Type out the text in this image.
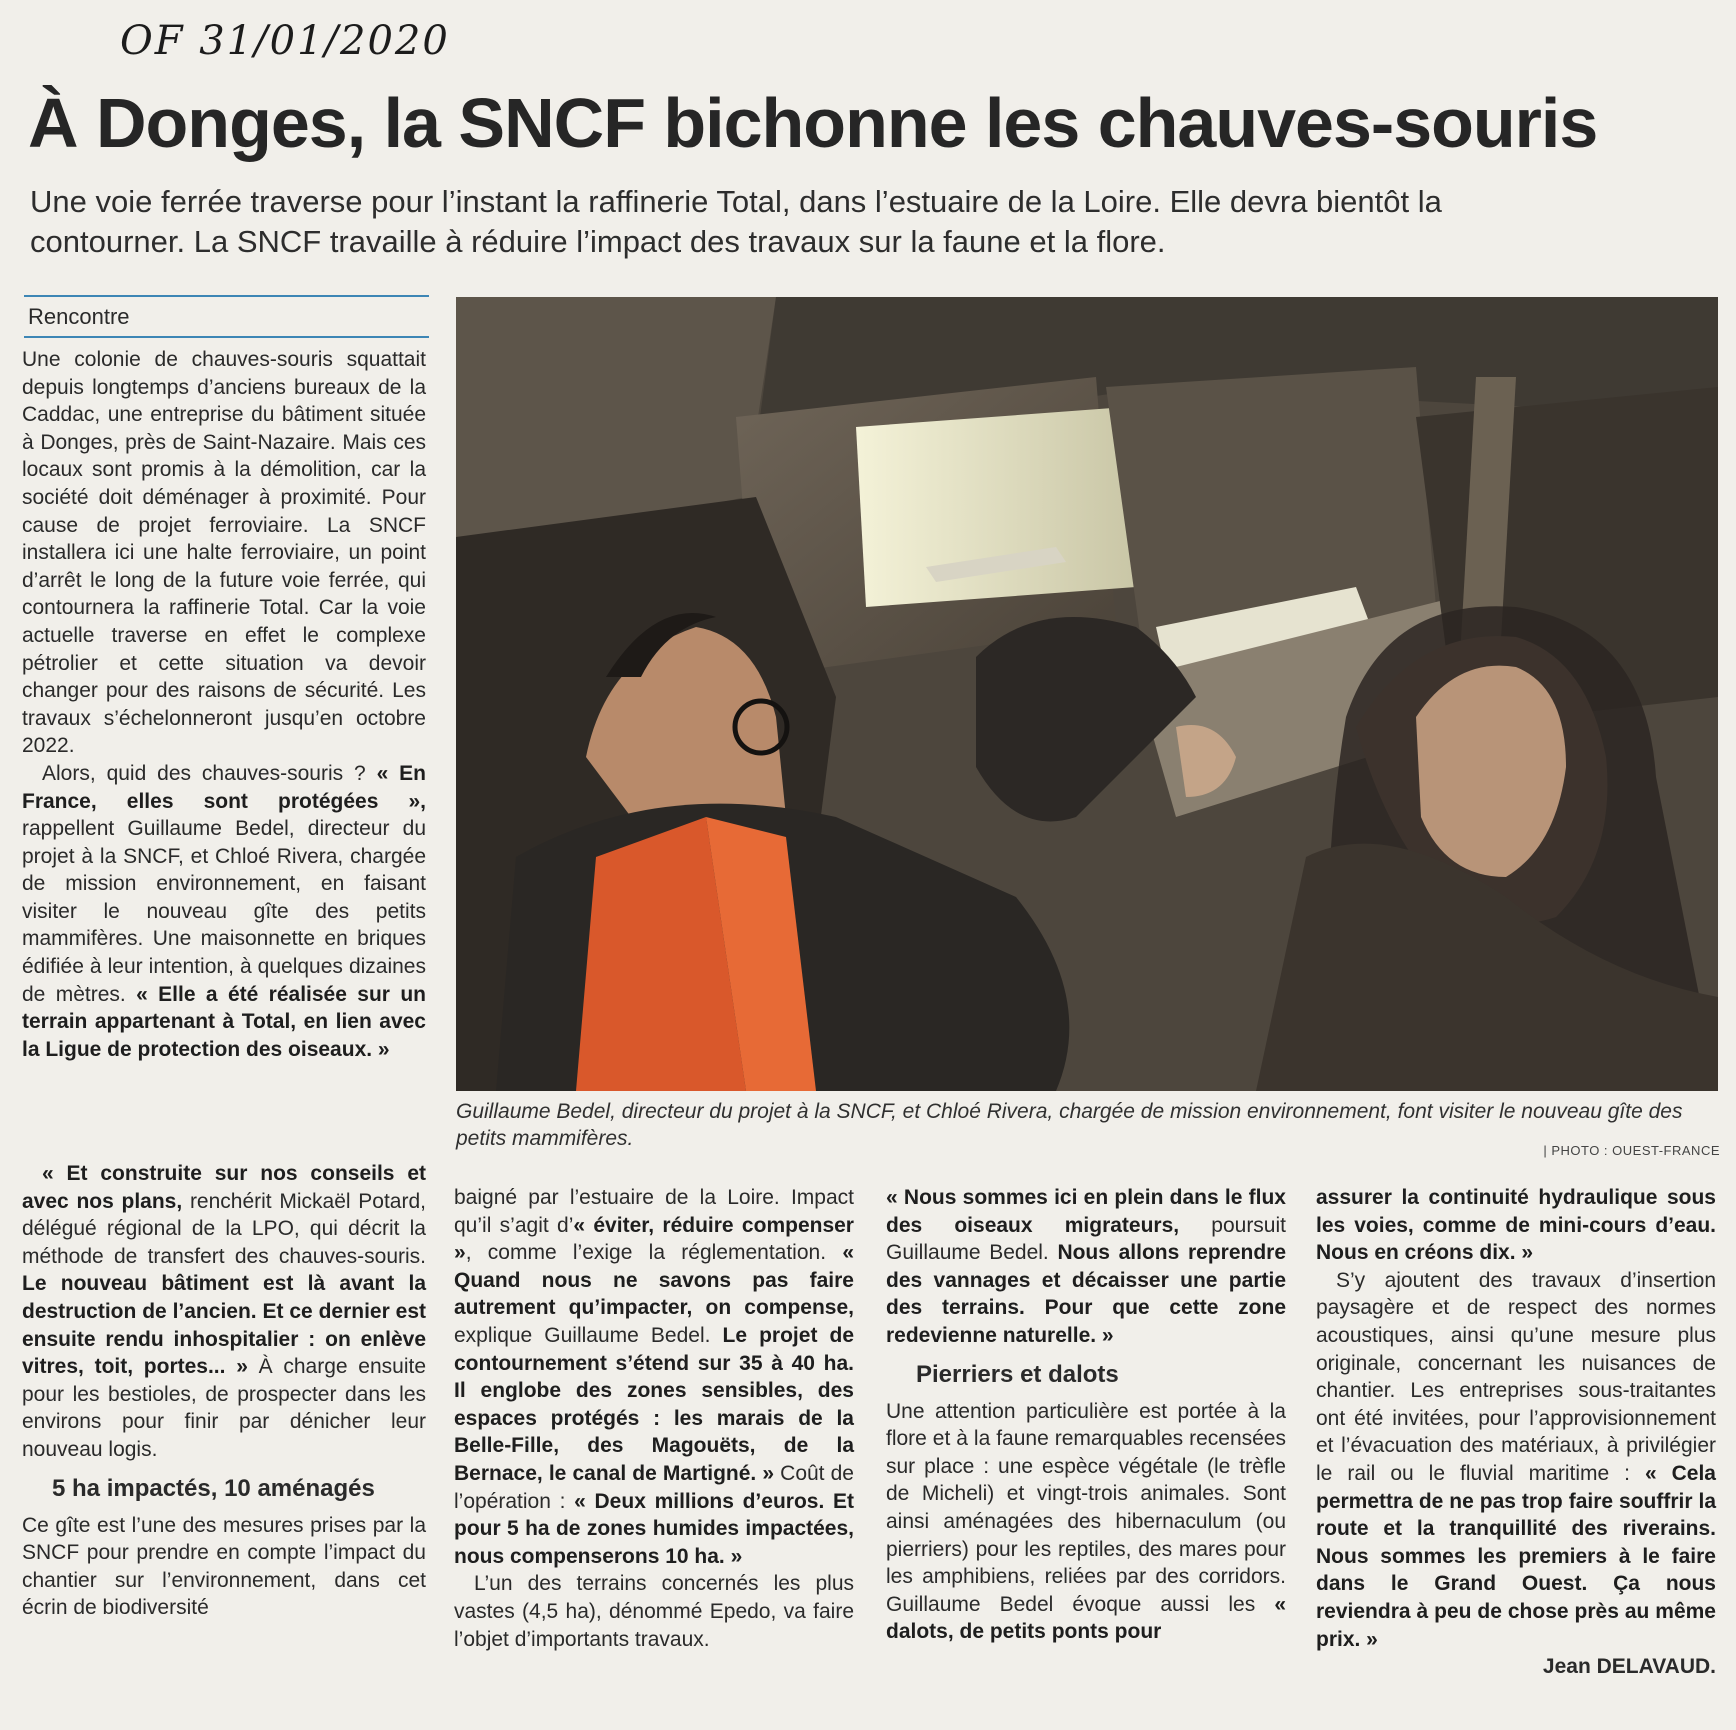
OF 31/01/2020
À Donges, la SNCF bichonne les chauves-souris
Une voie ferrée traverse pour l’instant la raffinerie Total, dans l’estuaire de la Loire. Elle devra bientôt la contourner. La SNCF travaille à réduire l’impact des travaux sur la faune et la flore.
Rencontre

Une colonie de chauves-souris squattait depuis longtemps d’anciens bureaux de la Caddac, une entreprise du bâtiment située à Donges, près de Saint-Nazaire. Mais ces locaux sont promis à la démolition, car la société doit déménager à proximité. Pour cause de projet ferroviaire. La SNCF installera ici une halte ferroviaire, un point d’arrêt le long de la future voie ferrée, qui contournera la raffinerie Total. Car la voie actuelle traverse en effet le complexe pétrolier et cette situation va devoir changer pour des raisons de sécurité. Les travaux s’échelonneront jusqu’en octobre 2022.

Alors, quid des chauves-souris ? « En France, elles sont protégées », rappellent Guillaume Bedel, directeur du projet à la SNCF, et Chloé Rivera, chargée de mission environnement, en faisant visiter le nouveau gîte des petits mammifères. Une maisonnette en briques édifiée à leur intention, à quelques dizaines de mètres. « Elle a été réalisée sur un terrain appartenant à Total, en lien avec la Ligue de protection des oiseaux. »

« Et construite sur nos conseils et avec nos plans, renchérit Mickaël Potard, délégué régional de la LPO, qui décrit la méthode de transfert des chauves-souris. Le nouveau bâtiment est là avant la destruction de l’ancien. Et ce dernier est ensuite rendu inhospitalier : on enlève vitres, toit, portes... » À charge ensuite pour les bestioles, de prospecter dans les environs pour finir par dénicher leur nouveau logis.

5 ha impactés, 10 aménagés

Ce gîte est l’une des mesures prises par la SNCF pour prendre en compte l’impact du chantier sur l’environnement, dans cet écrin de biodiversité

Guillaume Bedel, directeur du projet à la SNCF, et Chloé Rivera, chargée de mission environnement, font visiter le nouveau gîte des petits mammifères.
| PHOTO : OUEST-FRANCE

baigné par l’estuaire de la Loire. Impact qu’il s’agit d’« éviter, réduire compenser », comme l’exige la réglementation. « Quand nous ne savons pas faire autrement qu’impacter, on compense, explique Guillaume Bedel. Le projet de contournement s’étend sur 35 à 40 ha. Il englobe des zones sensibles, des espaces protégés : les marais de la Belle-Fille, des Magouëts, de la Bernace, le canal de Martigné. » Coût de l’opération : « Deux millions d’euros. Et pour 5 ha de zones humides impactées, nous compenserons 10 ha. »

L’un des terrains concernés les plus vastes (4,5 ha), dénommé Epedo, va faire l’objet d’importants travaux.

« Nous sommes ici en plein dans le flux des oiseaux migrateurs, poursuit Guillaume Bedel. Nous allons reprendre des vannages et décaisser une partie des terrains. Pour que cette zone redevienne naturelle. »

Pierriers et dalots

Une attention particulière est portée à la flore et à la faune remarquables recensées sur place : une espèce végétale (le trèfle de Micheli) et vingt-trois animales. Sont ainsi aménagées des hibernaculum (ou pierriers) pour les reptiles, des mares pour les amphibiens, reliées par des corridors. Guillaume Bedel évoque aussi les « dalots, de petits ponts pour

assurer la continuité hydraulique sous les voies, comme de mini-cours d’eau. Nous en créons dix. »

S’y ajoutent des travaux d’insertion paysagère et de respect des normes acoustiques, ainsi qu’une mesure plus originale, concernant les nuisances de chantier. Les entreprises sous-traitantes ont été invitées, pour l’approvisionnement et l’évacuation des matériaux, à privilégier le rail ou le fluvial maritime : « Cela permettra de ne pas trop faire souffrir la route et la tranquillité des riverains. Nous sommes les premiers à le faire dans le Grand Ouest. Ça nous reviendra à peu de chose près au même prix. »

Jean DELAVAUD.
